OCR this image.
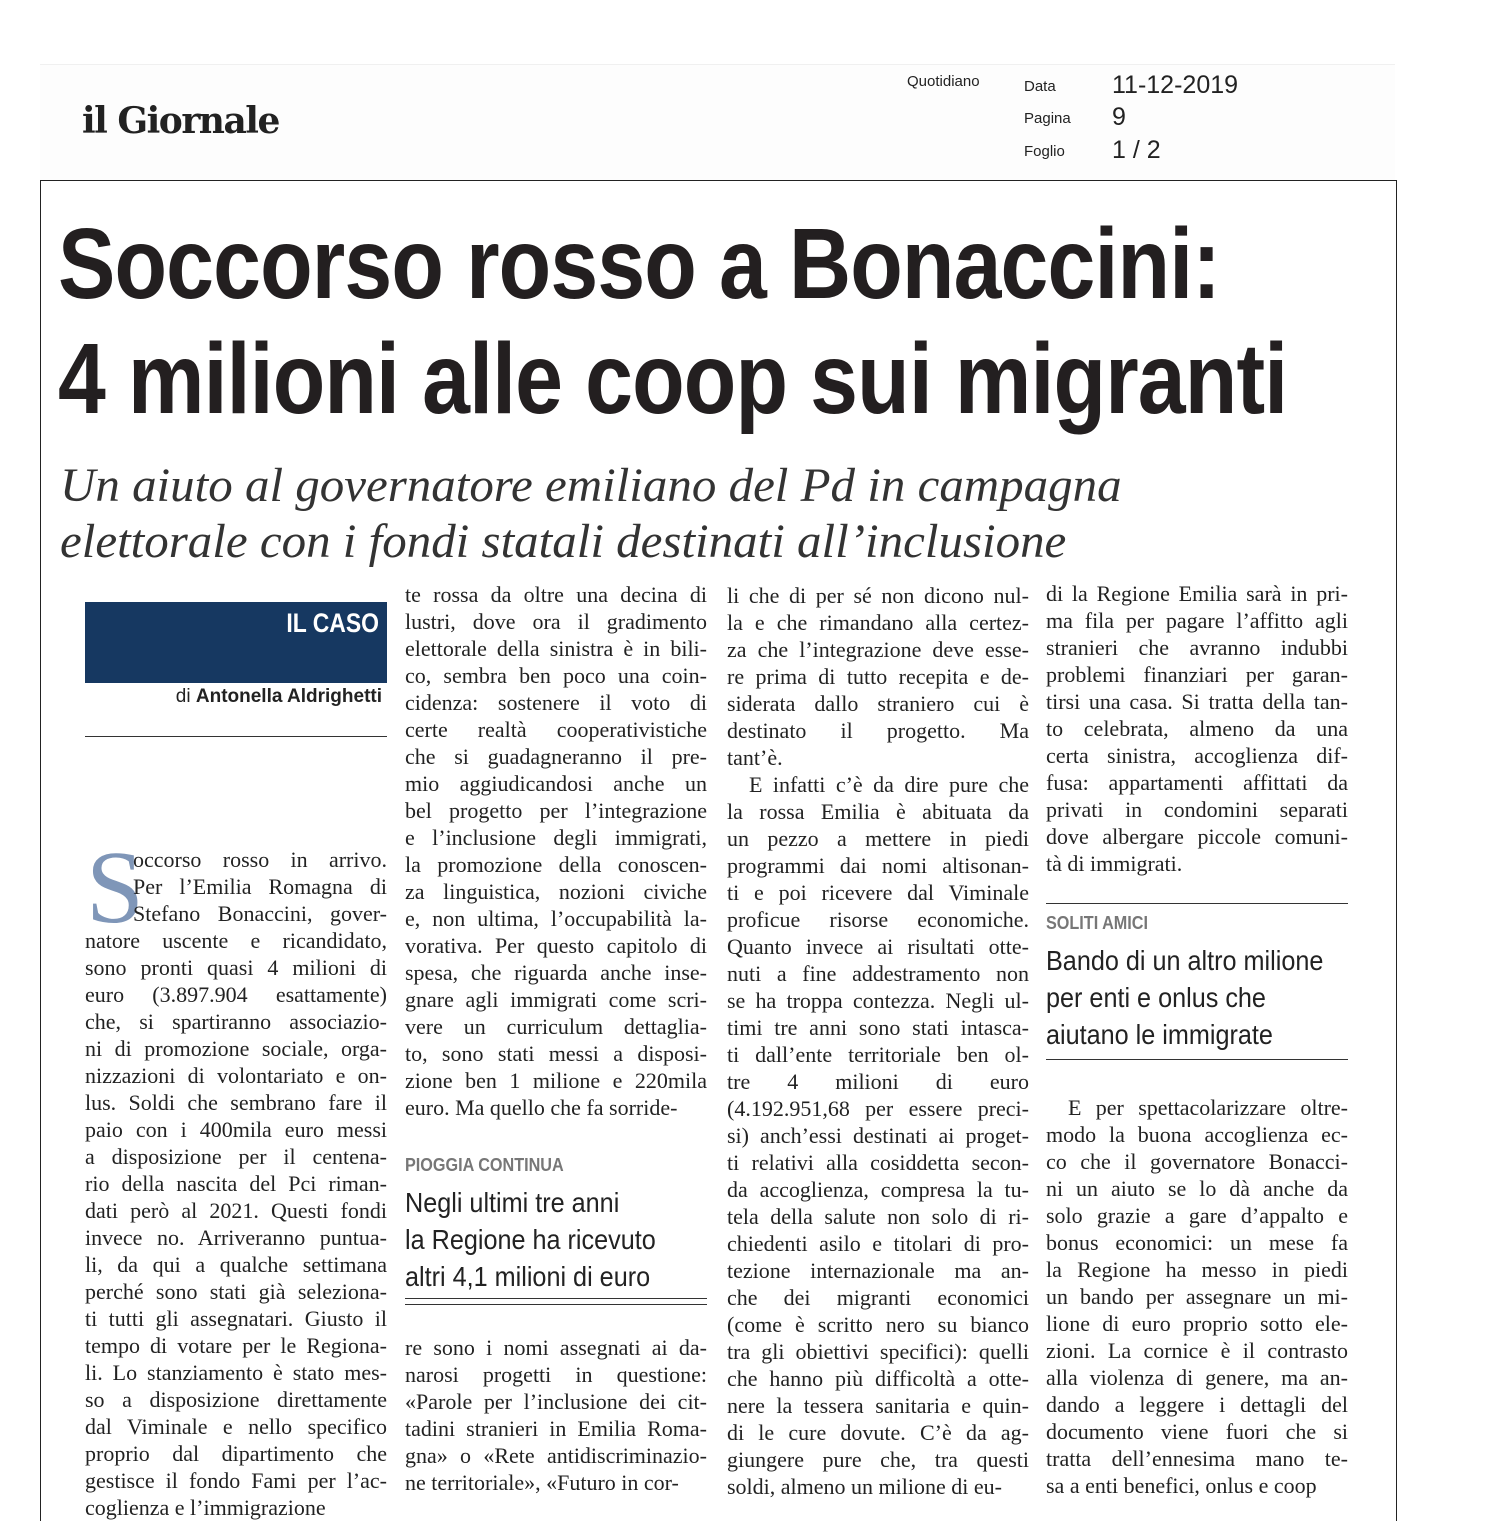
il Giornale
Quotidiano	Data 11-12-2019
Pagina 9
Foglio 1 / 2
Soccorso rosso a Bonaccini:
4 milioni alle coop sui migranti
Un aiuto al governatore emiliano del Pd in campagna
elettorale con i fondi statali destinati all’inclusione
IL CASO
di Antonella Aldrighetti
S
occorso rosso in arrivo.
Per l’Emilia Romagna di
Stefano Bonaccini, gover-
natore uscente e ricandidato,
sono pronti quasi 4 milioni di
euro (3.897.904 esattamente)
che, si spartiranno associazio-
ni di promozione sociale, orga-
nizzazioni di volontariato e on-
lus. Soldi che sembrano fare il
paio con i 400mila euro messi
a disposizione per il centena-
rio della nascita del Pci riman-
dati però al 2021. Questi fondi
invece no. Arriveranno puntua-
li, da qui a qualche settimana
perché sono stati già seleziona-
ti tutti gli assegnatari. Giusto il
tempo di votare per le Regiona-
li. Lo stanziamento è stato mes-
so a disposizione direttamente
dal Viminale e nello specifico
proprio dal dipartimento che
gestisce il fondo Fami per l’ac-
coglienza e l’immigrazione
te rossa da oltre una decina di
lustri, dove ora il gradimento
elettorale della sinistra è in bili-
co, sembra ben poco una coin-
cidenza: sostenere il voto di
certe realtà cooperativistiche
che si guadagneranno il pre-
mio aggiudicandosi anche un
bel progetto per l’integrazione
e l’inclusione degli immigrati,
la promozione della conoscen-
za linguistica, nozioni civiche
e, non ultima, l’occupabilità la-
vorativa. Per questo capitolo di
spesa, che riguarda anche inse-
gnare agli immigrati come scri-
vere un curriculum dettaglia-
to, sono stati messi a disposi-
zione ben 1 milione e 220mila
euro. Ma quello che fa sorride-
PIOGGIA CONTINUA
Negli ultimi tre anni
la Regione ha ricevuto
altri 4,1 milioni di euro
re sono i nomi assegnati ai da-
narosi progetti in questione:
«Parole per l’inclusione dei cit-
tadini stranieri in Emilia Roma-
gna» o «Rete antidiscriminazio-
ne territoriale», «Futuro in cor-
li che di per sé non dicono nul-
la e che rimandano alla certez-
za che l’integrazione deve esse-
re prima di tutto recepita e de-
siderata dallo straniero cui è
destinato il progetto. Ma
tant’è.
E infatti c’è da dire pure che
la rossa Emilia è abituata da
un pezzo a mettere in piedi
programmi dai nomi altisonan-
ti e poi ricevere dal Viminale
proficue risorse economiche.
Quanto invece ai risultati otte-
nuti a fine addestramento non
se ha troppa contezza. Negli ul-
timi tre anni sono stati intasca-
ti dall’ente territoriale ben ol-
tre 4 milioni di euro
(4.192.951,68 per essere preci-
si) anch’essi destinati ai proget-
ti relativi alla cosiddetta secon-
da accoglienza, compresa la tu-
tela della salute non solo di ri-
chiedenti asilo e titolari di pro-
tezione internazionale ma an-
che dei migranti economici
(come è scritto nero su bianco
tra gli obiettivi specifici): quelli
che hanno più difficoltà a otte-
nere la tessera sanitaria e quin-
di le cure dovute. C’è da ag-
giungere pure che, tra questi
soldi, almeno un milione di eu-
di la Regione Emilia sarà in pri-
ma fila per pagare l’affitto agli
stranieri che avranno indubbi
problemi finanziari per garan-
tirsi una casa. Si tratta della tan-
to celebrata, almeno da una
certa sinistra, accoglienza dif-
fusa: appartamenti affittati da
privati in condomini separati
dove albergare piccole comuni-
tà di immigrati.
SOLITI AMICI
Bando di un altro milione
per enti e onlus che
aiutano le immigrate
E per spettacolarizzare oltre-
modo la buona accoglienza ec-
co che il governatore Bonacci-
ni un aiuto se lo dà anche da
solo grazie a gare d’appalto e
bonus economici: un mese fa
la Regione ha messo in piedi
un bando per assegnare un mi-
lione di euro proprio sotto ele-
zioni. La cornice è il contrasto
alla violenza di genere, ma an-
dando a leggere i dettagli del
documento viene fuori che si
tratta dell’ennesima mano te-
sa a enti benefici, onlus e coop
